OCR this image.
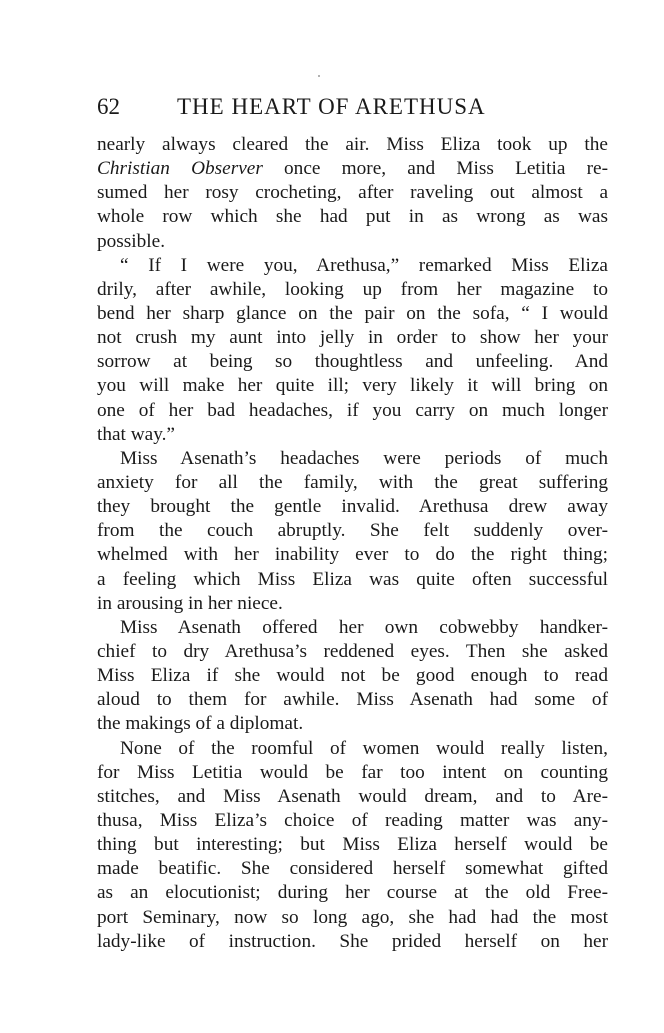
62 THE HEART OF ARETHUSA
nearly always cleared the air. Miss Eliza took up the
Christian Observer once more, and Miss Letitia re-
sumed her rosy crocheting, after raveling out almost a
whole row which she had put in as wrong as was
possible.
“ If I were you, Arethusa,” remarked Miss Eliza
drily, after awhile, looking up from her magazine to
bend her sharp glance on the pair on the sofa, “ I would
not crush my aunt into jelly in order to show her your
sorrow at being so thoughtless and unfeeling. And
you will make her quite ill; very likely it will bring on
one of her bad headaches, if you carry on much longer
that way.”
Miss Asenath’s headaches were periods of much
anxiety for all the family, with the great suffering
they brought the gentle invalid. Arethusa drew away
from the couch abruptly. She felt suddenly over-
whelmed with her inability ever to do the right thing;
a feeling which Miss Eliza was quite often successful
in arousing in her niece.
Miss Asenath offered her own cobwebby handker-
chief to dry Arethusa’s reddened eyes. Then she asked
Miss Eliza if she would not be good enough to read
aloud to them for awhile. Miss Asenath had some of
the makings of a diplomat.
None of the roomful of women would really listen,
for Miss Letitia would be far too intent on counting
stitches, and Miss Asenath would dream, and to Are-
thusa, Miss Eliza’s choice of reading matter was any-
thing but interesting; but Miss Eliza herself would be
made beatific. She considered herself somewhat gifted
as an elocutionist; during her course at the old Free-
port Seminary, now so long ago, she had had the most
lady-like of instruction. She prided herself on her
